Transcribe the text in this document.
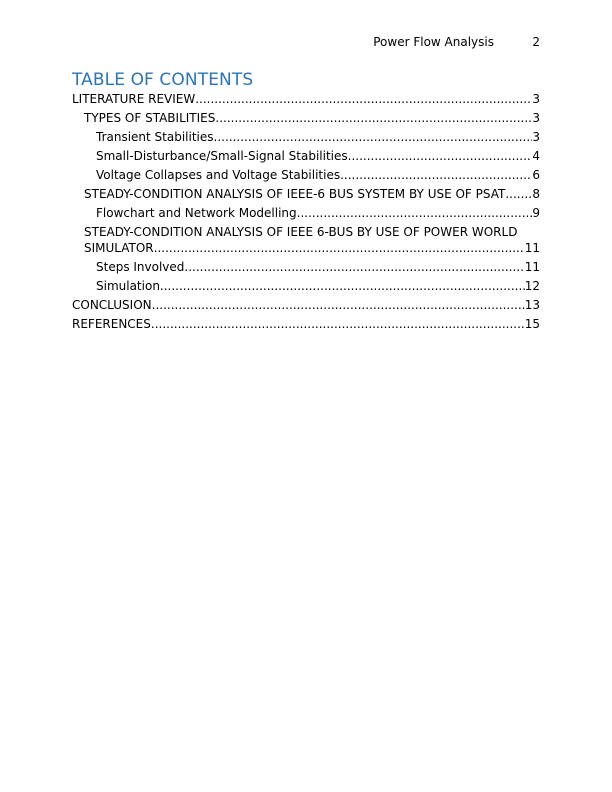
Power Flow Analysis	2
TABLE OF CONTENTS
LITERATURE REVIEW .....	3
TYPES OF STABILITIES .....	3
Transient Stabilities .....	3
Small-Disturbance/Small-Signal Stabilities .....	4
Voltage Collapses and Voltage Stabilities .....	6
STEADY-CONDITION ANALYSIS OF IEEE-6 BUS SYSTEM BY USE OF PSAT ..... 8
Flowchart and Network Modelling .....	9
STEADY-CONDITION ANALYSIS OF IEEE 6-BUS BY USE OF POWER WORLD
SIMULATOR .....	11
Steps Involved .....	11
Simulation .....	12
CONCLUSION .....	13
REFERENCES .....	15
